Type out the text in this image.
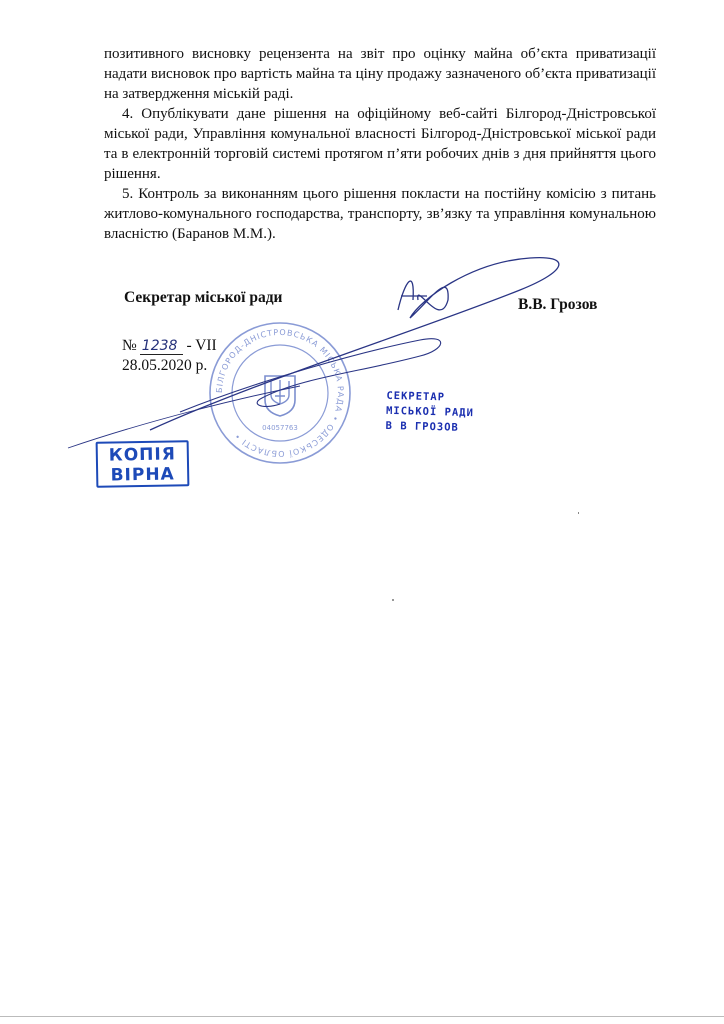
позитивного висновку рецензента на звіт про оцінку майна об’єкта приватизації надати висновок про вартість майна та ціну продажу зазначеного об’єкта приватизації на затвердження міській раді.

4. Опублікувати дане рішення на офіційному веб-сайті Білгород-Дністровської міської ради, Управління комунальної власності Білгород-Дністровської міської ради та в електронній торговій системі протягом п’яти робочих днів з дня прийняття цього рішення.

5. Контроль за виконанням цього рішення покласти на постійну комісію з питань житлово-комунального господарства, транспорту, зв’язку та управління комунальною власністю (Баранов М.М.).

Секретар міської ради	В.В. Грозов
№ 1238 - VII
28.05.2020 р.
БІЛГОРОД-ДНІСТРОВСЬКА МІСЬКА РАДА • ОДЕСЬКОЇ ОБЛАСТІ •
04057763
СЕКРЕТАР
МІСЬКОЇ РАДИ
В В ГРОЗОВ
КОПІЯ
ВІРНА
